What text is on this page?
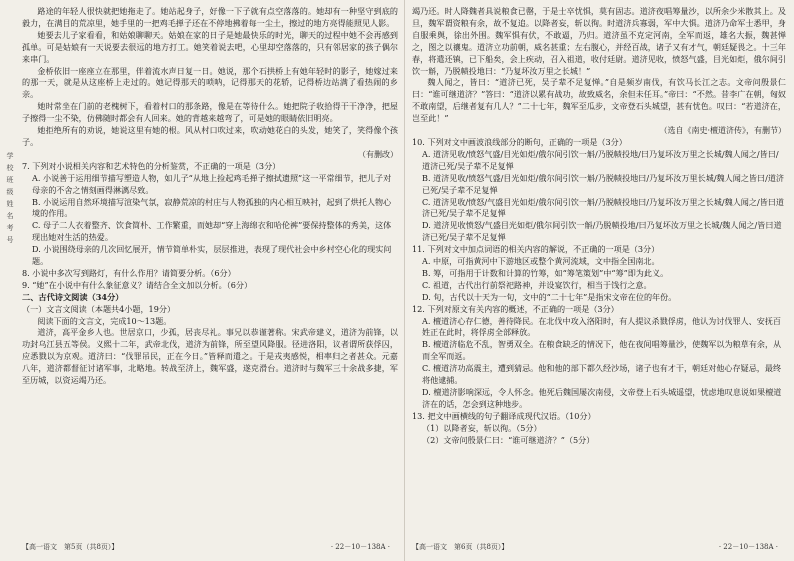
学
校
班
级
姓
名
考
号

路途的年轻人很快就把她拖走了。她站起身子，好像一下子就有点空落落的。她却有一种坚守到底的毅力，在满目的荒凉里，她手里的一把鸡毛掸子还在不停地拂着每一尘土，擦过的地方亮得能照见人影。

她要去儿子家看看，和姑娘聊聊天。姑娘在家的日子是她最快乐的时光，聊天的过程中她不会再感到孤单。可是姑娘有一天说要去很远的地方打工。她笑着说去吧，心里却空落落的，只有邻居家的孩子偶尔来串门。

金桥依旧一座座立在那里，伴着流水声日复一日。她说，那个石拱桥上有她年轻时的影子，她嫁过来的那一天，就是从这座桥上走过的。她记得那天的唢呐，记得那天的花轿，记得桥边站满了看热闹的乡亲。

她时常坐在门前的老槐树下，看着村口的那条路，像是在等待什么。她把院子收拾得干干净净，把屋子擦得一尘不染，仿佛随时都会有人回来。她的背越来越弯了，可是她的眼睛依旧明亮。

她拒绝所有的劝说，她说这里有她的根。风从村口吹过来，吹动她花白的头发，她笑了，笑得像个孩子。

（有删改）

7. 下列对小说相关内容和艺术特色的分析鉴赏，不正确的一项是（3分）

A. 小说善于运用细节描写塑造人物，如儿子“从地上捡起鸡毛掸子擦拭遗照”这一平常细节，把儿子对母亲的不舍之情刻画得淋漓尽致。

B. 小说运用自然环境描写渲染气氛，寂静荒凉的村庄与人物孤独的内心相互映衬，起到了烘托人物心境的作用。

C. 母子二人衣着整齐、饮食简朴、工作繁重，而她却“穿上海绵衣和哈伦裤”要保持整体的秀美，这体现出她对生活的热爱。

D. 小说围绕母亲的几次回忆展开，情节简单朴实，层层推进，表现了现代社会中乡村空心化的现实问题。

8. 小说中多次写到路灯，有什么作用？请简要分析。（6分）

9. “她”在小说中有什么象征意义？请结合全文加以分析。（6分）

二、古代诗文阅读（34分）

（一）文言文阅读（本题共4小题，19分）

阅读下面的文言文，完成10～13题。

道济，高平金乡人也。世居京口，少孤，居丧尽礼。事兄以恭谨著称。宋武帝建义，道济为前锋，以功封乌江县五等侯。义熙十二年，武帝北伐，道济为前锋，所至望风降服。径进洛阳，议者谓所获俘囚，应悉戮以为京观。道济曰：“伐罪吊民，正在今日。”皆释而遣之。于是戎夷感悦，相率归之者甚众。元嘉八年，道济都督征讨诸军事，北略地。转战至济上，魏军盛，遂克滑台。道济时与魏军三十余战多捷，军至历城，以资运竭乃还。

【高一语文　第5页（共8页）】	· 22－10－138A ·

竭乃还。时人降魏者具说粮食已罄，于是士卒忧惧，莫有固志。道济夜唱筹量沙，以所余少米散其上。及旦，魏军谓资粮有余，故不复追。以降者妄，斩以徇。时道济兵寡弱，军中大惧。道济乃命军士悉甲，身自服乘舆，徐出外围。魏军惧有伏，不敢逼，乃归。道济虽不克定河南，全军而返，雄名大振，魏甚惮之，图之以禳鬼。道济立功前朝，威名甚重；左右腹心，并经百战，诸子又有才气，朝廷疑畏之。十三年春，将遣还镇，已下船矣，会上疾动，召入祖道，收付廷尉。道济见收，愤怒气盛，目光如炬，俄尔间引饮一斛，乃脱帻投地曰：“乃复坏汝万里之长城！”

魏人闻之，皆曰：“道济已死，吴子辈不足复惮。”自是频岁南伐，有饮马长江之志。文帝问殷景仁曰：“谁可继道济？”答曰：“道济以累有战功，故致威名，余但未任耳。”帝曰：“不然。昔李广在朝，匈奴不敢南望，后继者复有几人？”二十七年，魏军至瓜步，文帝登石头城望，甚有忧色。叹曰：“若道济在，岂至此！”

（选自《南史·檀道济传》，有删节）

10. 下列对文中画波浪线部分的断句，正确的一项是（3分）

A. 道济见收/愤怒气盛/目光如炬/俄尔间引饮一斛/乃脱帻投地/曰乃复坏汝万里之长城/魏人闻之/皆曰/道济已死/吴子辈不足复惮

B. 道济见收/愤怒气盛/目光如炬/俄尔间引饮一斛/乃脱帻投地曰/乃复坏汝万里长城/魏人闻之皆曰/道济已死/吴子辈不足复惮

C. 道济见收/愤怒/气盛目光如炬/俄尔间引饮一斛/乃脱帻投地曰/乃复坏汝万里之长城/魏人闻之/皆曰道济已死/吴子辈不足复惮

D. 道济见收愤怒/气盛目光如炬/俄尔间引饮一斛/乃脱帻投地/曰乃复坏汝万里之长城/魏人闻之/皆曰道济已死/吴子辈不足复惮

11. 下列对文中加点词语的相关内容的解说，不正确的一项是（3分）

A. 中原，可指黄河中下游地区或整个黄河流域，文中指全国南北。

B. 筹，可指用于计数和计算的竹筹，如“筹笔策划”中“筹”即为此义。

C. 祖道，古代出行前祭祀路神，并设宴饮行，相当于饯行之意。

D. 旬，古代以十天为一旬，文中的“二十七年”是指宋文帝在位的年份。

12. 下列对原文有关内容的概述，不正确的一项是（3分）

A. 檀道济心存仁德，善待降民。在北伐中攻入洛阳时，有人提议杀戮俘虏，他认为讨伐罪人、安抚百姓正在此时，将俘虏全部释放。

B. 檀道济临危不乱，智勇双全。在粮食缺乏的情况下，他在夜间唱筹量沙，使魏军以为粮草有余，从而全军而返。

C. 檀道济功高震主，遭到猜忌。他和他的部下都久经沙场，诸子也有才干，朝廷对他心存疑忌，最终将他逮捕。

D. 檀道济影响深远，令人怀念。他死后魏国屡次南侵，文帝登上石头城遥望，忧虑地叹息说如果檀道济在的话，怎会到这种地步。

13. 把文中画横线的句子翻译成现代汉语。（10分）

（1）以降者妄，斩以徇。（5分）

（2）文帝问殷景仁曰：“谁可继道济？”（5分）

【高一语文　第6页（共8页）】	· 22－10－138A ·
